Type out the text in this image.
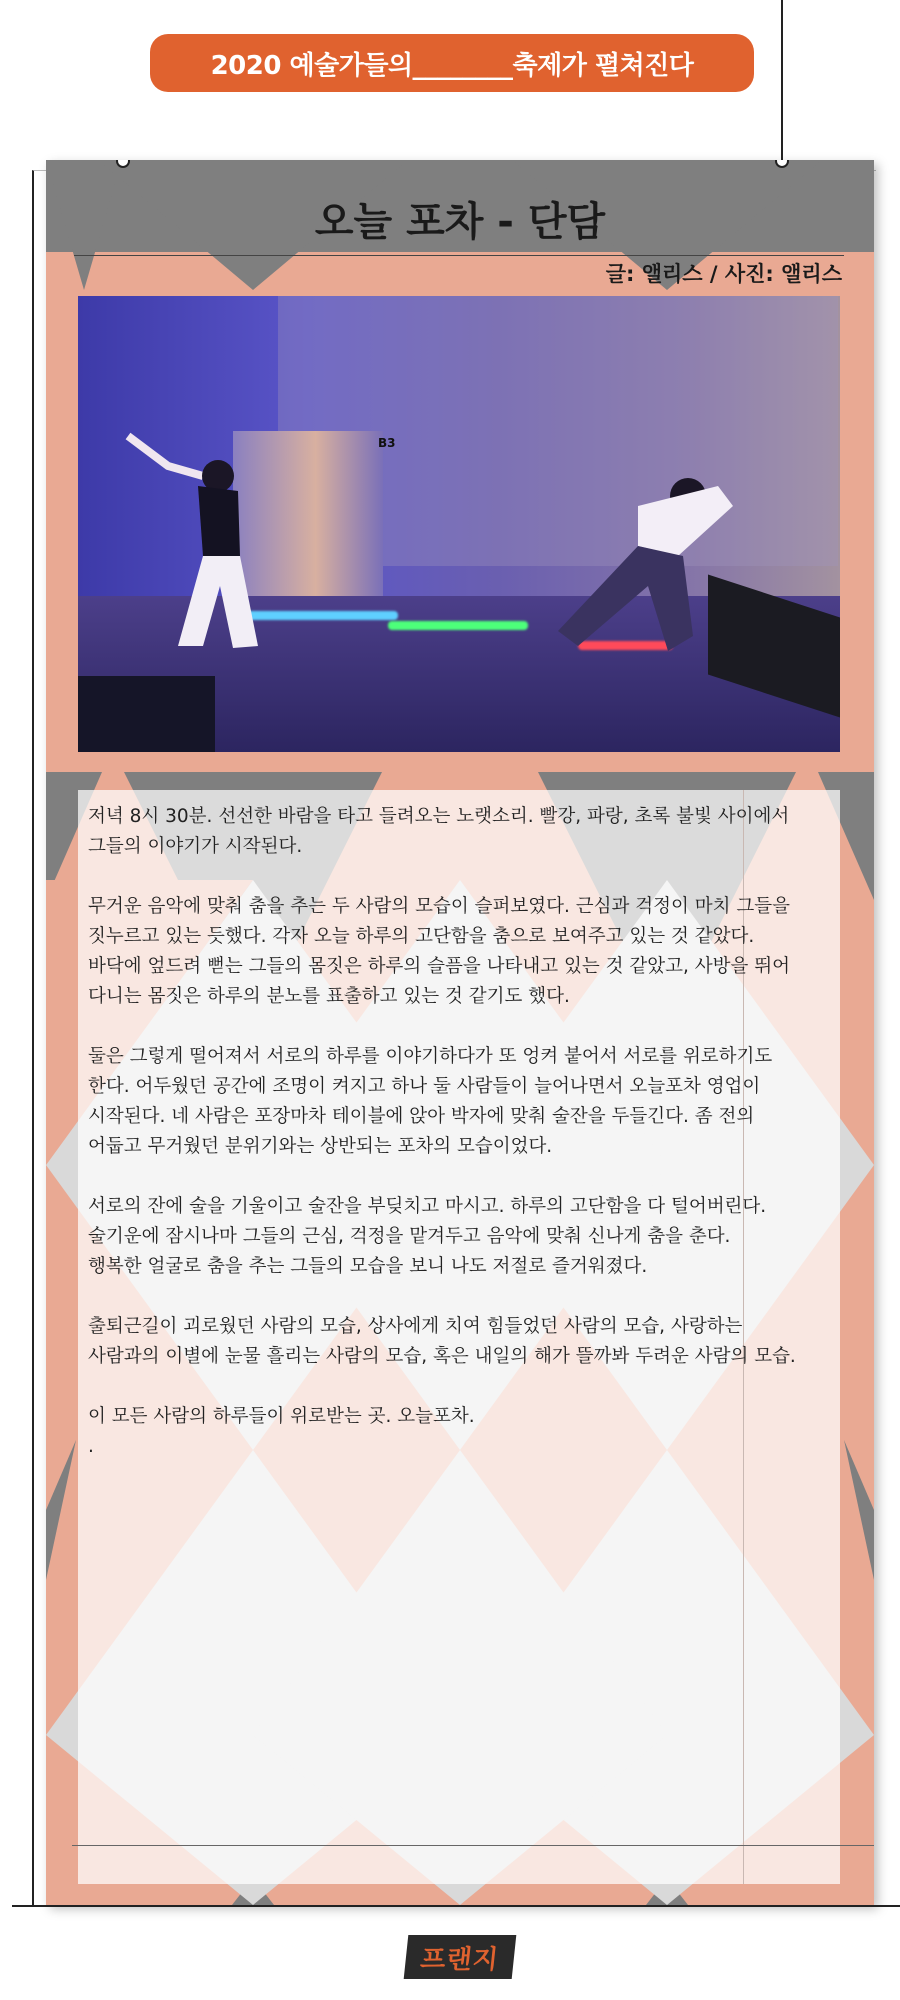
2020 예술가들의________축제가 펼쳐진다
오늘 포차 - 단담
글: 앨리스 / 사진: 앨리스
B3

저녁 8시 30분. 선선한 바람을 타고 들려오는 노랫소리. 빨강, 파랑, 초록 불빛 사이에서
그들의 이야기가 시작된다.

무거운 음악에 맞춰 춤을 추는 두 사람의 모습이 슬퍼보였다. 근심과 걱정이 마치 그들을
짓누르고 있는 듯했다. 각자 오늘 하루의 고단함을 춤으로 보여주고 있는 것 같았다.
바닥에 엎드려 뻗는 그들의 몸짓은 하루의 슬픔을 나타내고 있는 것 같았고, 사방을 뛰어
다니는 몸짓은 하루의 분노를 표출하고 있는 것 같기도 했다.

둘은 그렇게 떨어져서 서로의 하루를 이야기하다가 또 엉켜 붙어서 서로를 위로하기도
한다. 어두웠던 공간에 조명이 켜지고 하나 둘 사람들이 늘어나면서 오늘포차 영업이
시작된다. 네 사람은 포장마차 테이블에 앉아 박자에 맞춰 술잔을 두들긴다. 좀 전의
어둡고 무거웠던 분위기와는 상반되는 포차의 모습이었다.

서로의 잔에 술을 기울이고 술잔을 부딪치고 마시고. 하루의 고단함을 다 털어버린다.
술기운에 잠시나마 그들의 근심, 걱정을 맡겨두고 음악에 맞춰 신나게 춤을 춘다.
행복한 얼굴로 춤을 추는 그들의 모습을 보니 나도 저절로 즐거워졌다.

출퇴근길이 괴로웠던 사람의 모습, 상사에게 치여 힘들었던 사람의 모습, 사랑하는
사람과의 이별에 눈물 흘리는 사람의 모습, 혹은 내일의 해가 뜰까봐 두려운 사람의 모습.

이 모든 사람의 하루들이 위로받는 곳. 오늘포차.
.

프랜지
